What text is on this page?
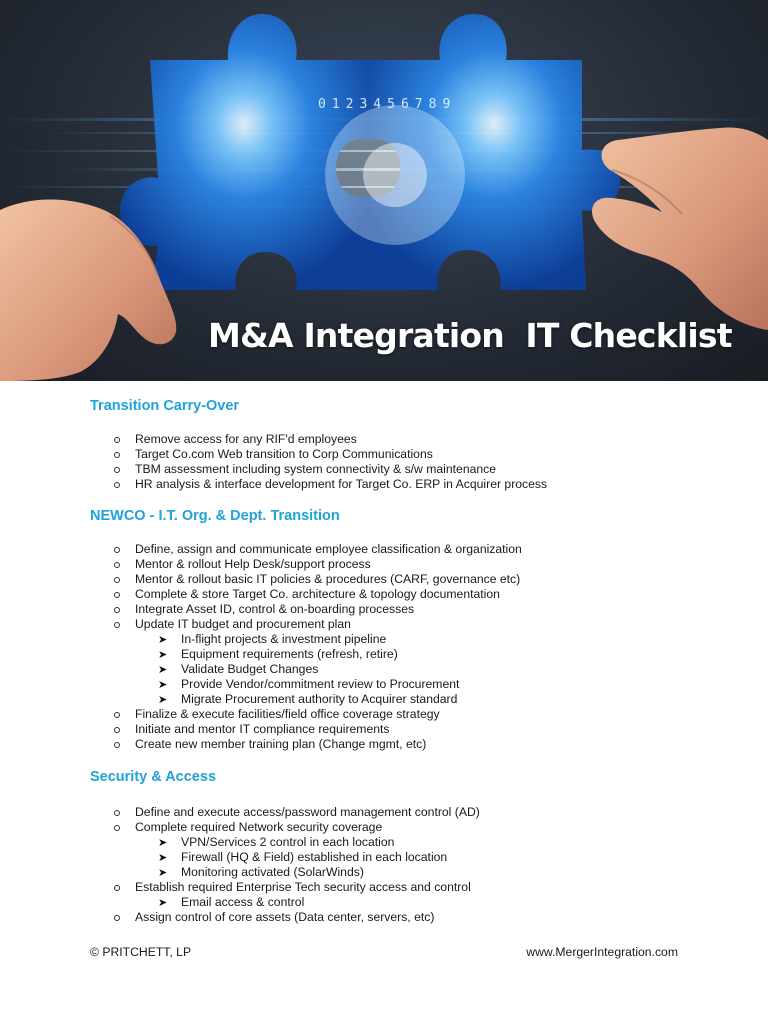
0123456789
M&A Integration  IT Checklist
Transition Carry-Over
Remove access for any RIF'd employees
Target Co.com Web transition to Corp Communications
TBM assessment including system connectivity & s/w maintenance
HR analysis & interface development for Target Co. ERP in Acquirer process
NEWCO - I.T. Org. & Dept. Transition
Define, assign and communicate employee classification & organization
Mentor & rollout Help Desk/support process
Mentor & rollout basic IT policies & procedures (CARF, governance etc)
Complete & store Target Co. architecture & topology documentation
Integrate Asset ID, control & on-boarding processes
Update IT budget and procurement plan
➤ In-flight projects & investment pipeline
➤ Equipment requirements (refresh, retire)
➤ Validate Budget Changes
➤ Provide Vendor/commitment review to Procurement
➤ Migrate Procurement authority to Acquirer standard
Finalize & execute facilities/field office coverage strategy
Initiate and mentor IT compliance requirements
Create new member training plan (Change mgmt, etc)
Security & Access
Define and execute access/password management control (AD)
Complete required Network security coverage
➤ VPN/Services 2 control in each location
➤ Firewall (HQ & Field) established in each location
➤ Monitoring activated (SolarWinds)
Establish required Enterprise Tech security access and control
➤ Email access & control
Assign control of core assets (Data center, servers, etc)
© PRITCHETT, LP	www.MergerIntegration.com
